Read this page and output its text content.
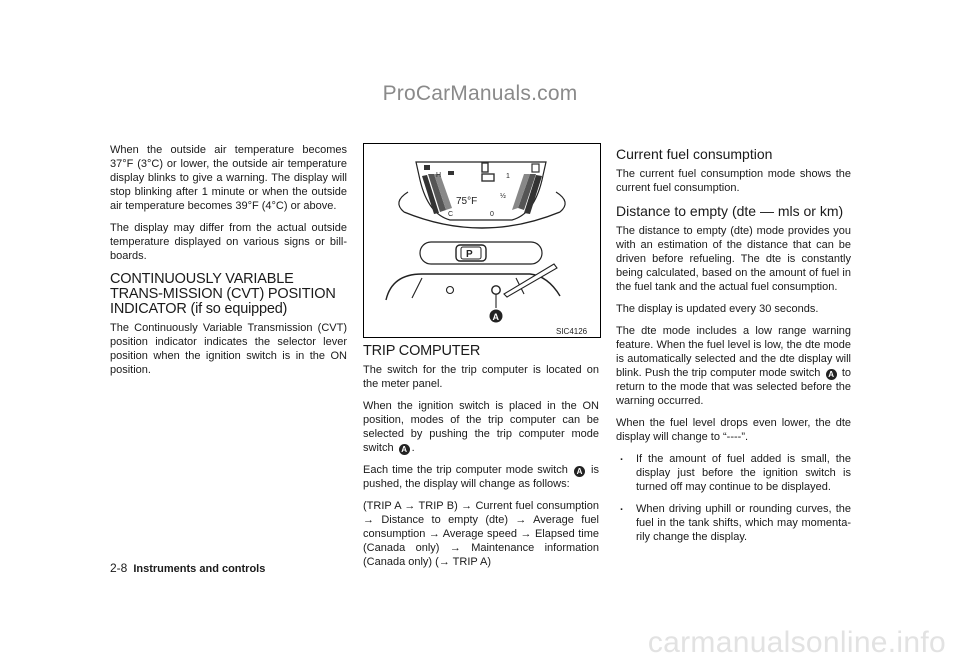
ProCarManuals.com

When the outside air temperature becomes 37°F (3°C) or lower, the outside air temperature display blinks to give a warning. The display will stop blinking after 1 minute or when the outside air temperature becomes 39°F (4°C) or above.

The display may differ from the actual outside temperature displayed on various signs or bill-boards.

CONTINUOUSLY VARIABLE TRANS-MISSION (CVT) POSITION INDICATOR (if so equipped)

The Continuously Variable Transmission (CVT) position indicator indicates the selector lever position when the ignition switch is in the ON position.

H
75°F	½
1
C	0
P
A
SIC4126
TRIP COMPUTER

The switch for the trip computer is located on the meter panel.

When the ignition switch is placed in the ON position, modes of the trip computer can be selected by pushing the trip computer mode switch A .

Each time the trip computer mode switch A is pushed, the display will change as follows:

(TRIP A → TRIP B) → Current fuel consumption → Distance to empty (dte) → Average fuel consumption → Average speed → Elapsed time (Canada only) → Maintenance information (Canada only) (→ TRIP A)

Current fuel consumption

The current fuel consumption mode shows the current fuel consumption.

Distance to empty (dte — mls or km)

The distance to empty (dte) mode provides you with an estimation of the distance that can be driven before refueling. The dte is constantly being calculated, based on the amount of fuel in the fuel tank and the actual fuel consumption.

The display is updated every 30 seconds.

The dte mode includes a low range warning feature. When the fuel level is low, the dte mode is automatically selected and the dte display will blink. Push the trip computer mode switch A to return to the mode that was selected before the warning occurred.

When the fuel level drops even lower, the dte display will change to “----”.

. If the amount of fuel added is small, the display just before the ignition switch is turned off may continue to be displayed.
. When driving uphill or rounding curves, the fuel in the tank shifts, which may momenta-rily change the display.
2-8 Instruments and controls
carmanualsonline.info
